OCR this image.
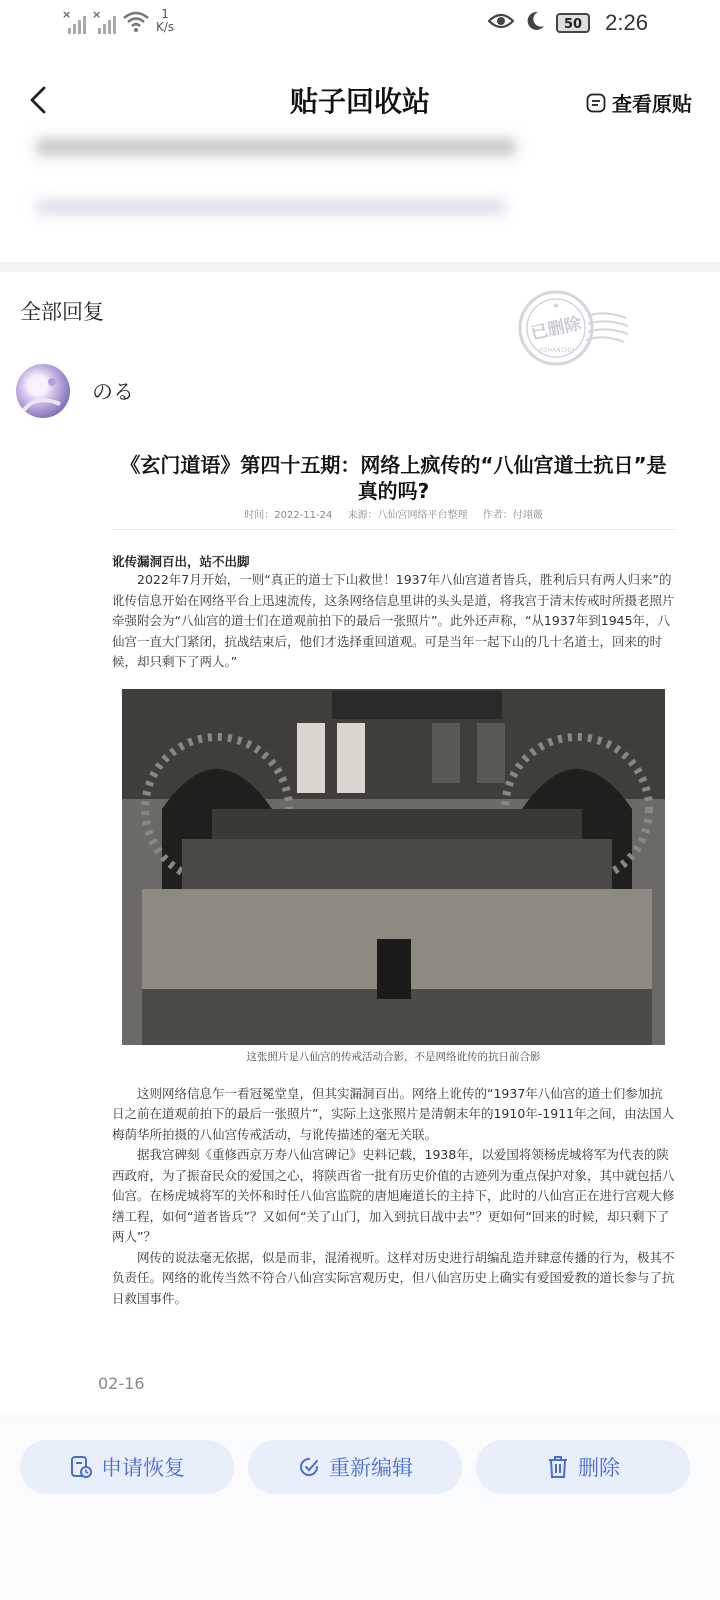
× ×	1
K/s	50	2:26
贴子回收站	查看原贴
全部回复
已删除
YISHANCHU
★
のる
《玄门道语》第四十五期：网络上疯传的“八仙宫道士抗日”是真的吗?
时间：2022-11-24 来源：八仙宫网络平台整理 作者：付翊薇
讹传漏洞百出，站不出脚

2022年7月开始，一则“真正的道士下山救世！1937年八仙宫道者皆兵，胜利后只有两人归来”的讹传信息开始在网络平台上迅速流传，这条网络信息里讲的头头是道，将我宫于清末传戒时所摄老照片牵强附会为“八仙宫的道士们在道观前拍下的最后一张照片”。此外还声称，“从1937年到1945年，八仙宫一直大门紧闭，抗战结束后，他们才选择重回道观。可是当年一起下山的几十名道士，回来的时候，却只剩下了两人。”

这张照片是八仙宫的传戒活动合影，不是网络讹传的抗日前合影

这则网络信息乍一看冠冕堂皇，但其实漏洞百出。网络上讹传的“1937年八仙宫的道士们参加抗日之前在道观前拍下的最后一张照片”，实际上这张照片是清朝末年的1910年-1911年之间，由法国人梅荫华所拍摄的八仙宫传戒活动，与讹传描述的毫无关联。

据我宫碑刻《重修西京万寿八仙宫碑记》史料记载，1938年，以爱国将领杨虎城将军为代表的陕西政府，为了振奋民众的爱国之心，将陕西省一批有历史价值的古迹列为重点保护对象，其中就包括八仙宫。在杨虎城将军的关怀和时任八仙宫监院的唐旭庵道长的主持下，此时的八仙宫正在进行宫观大修缮工程，如何“道者皆兵”？又如何“关了山门，加入到抗日战中去”？更如何“回来的时候，却只剩下了两人”？

网传的说法毫无依据，似是而非，混淆视听。这样对历史进行胡编乱造并肆意传播的行为，极其不负责任。网络的讹传当然不符合八仙宫实际宫观历史，但八仙宫历史上确实有爱国爱教的道长参与了抗日救国事件。

02-16
申请恢复	重新编辑	删除
